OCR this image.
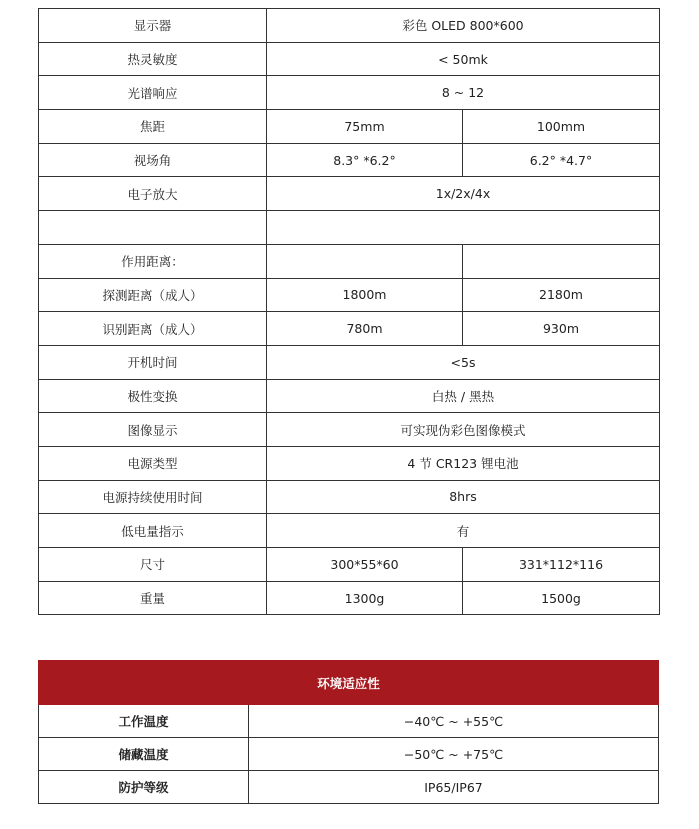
显示器	彩色 OLED 800*600	
热灵敏度	< 50mk	
光谱响应	8 ~ 12	
焦距	75mm	100mm
视场角	8.3° *6.2°	6.2° *4.7°
电子放大	1x/2x/4x	

作用距离：		
探测距离（成人）	1800m	2180m
识别距离（成人）	780m	930m
开机时间	<5s	
极性变换	白热 / 黑热	
图像显示	可实现伪彩色图像模式	
电源类型	4 节 CR123 锂电池	
电源持续使用时间	8hrs	
低电量指示	有	
尺寸	300*55*60	331*112*116
重量	1300g	1500g
环境适应性	
工作温度	−40℃ ~ +55℃
储藏温度	−50℃ ~ +75℃
防护等级	IP65/IP67
